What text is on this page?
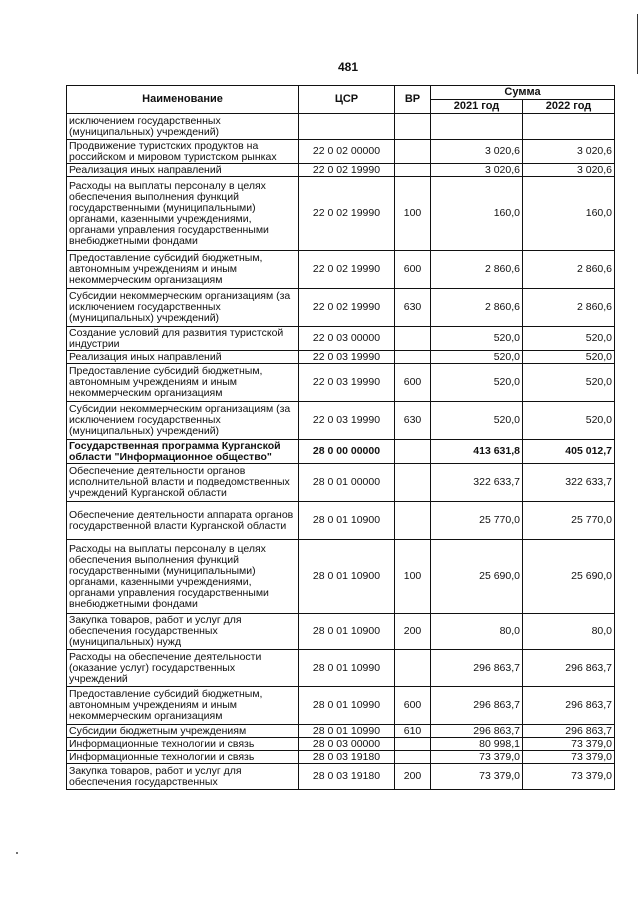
481
Наименование	ЦСР	ВР	Сумма	
			2021 год	2022 год
исключением государственных (муниципальных) учреждений)				
Продвижение туристских продуктов на российском и мировом туристском рынках	22 0 02 00000		3 020,6	3 020,6
Реализация иных направлений	22 0 02 19990		3 020,6	3 020,6
Расходы на выплаты персоналу в целях обеспечения выполнения функций государственными (муниципальными) органами, казенными учреждениями, органами управления государственными внебюджетными фондами	22 0 02 19990	100	160,0	160,0
Предоставление субсидий бюджетным, автономным учреждениям и иным некоммерческим организациям	22 0 02 19990	600	2 860,6	2 860,6
Субсидии некоммерческим организациям (за исключением государственных (муниципальных) учреждений)	22 0 02 19990	630	2 860,6	2 860,6
Создание условий для развития туристской индустрии	22 0 03 00000		520,0	520,0
Реализация иных направлений	22 0 03 19990		520,0	520,0
Предоставление субсидий бюджетным, автономным учреждениям и иным некоммерческим организациям	22 0 03 19990	600	520,0	520,0
Субсидии некоммерческим организациям (за исключением государственных (муниципальных) учреждений)	22 0 03 19990	630	520,0	520,0
Государственная программа Курганской области "Информационное общество"	28 0 00 00000		413 631,8	405 012,7
Обеспечение деятельности органов исполнительной власти и подведомственных учреждений Курганской области	28 0 01 00000		322 633,7	322 633,7
Обеспечение деятельности аппарата органов государственной власти Курганской области	28 0 01 10900		25 770,0	25 770,0
Расходы на выплаты персоналу в целях обеспечения выполнения функций государственными (муниципальными) органами, казенными учреждениями, органами управления государственными внебюджетными фондами	28 0 01 10900	100	25 690,0	25 690,0
Закупка товаров, работ и услуг для обеспечения государственных (муниципальных) нужд	28 0 01 10900	200	80,0	80,0
Расходы на обеспечение деятельности (оказание услуг) государственных учреждений	28 0 01 10990		296 863,7	296 863,7
Предоставление субсидий бюджетным, автономным учреждениям и иным некоммерческим организациям	28 0 01 10990	600	296 863,7	296 863,7
Субсидии бюджетным учреждениям	28 0 01 10990	610	296 863,7	296 863,7
Информационные технологии и связь	28 0 03 00000		80 998,1	73 379,0
Информационные технологии и связь	28 0 03 19180		73 379,0	73 379,0
Закупка товаров, работ и услуг для обеспечения государственных	28 0 03 19180	200	73 379,0	73 379,0
